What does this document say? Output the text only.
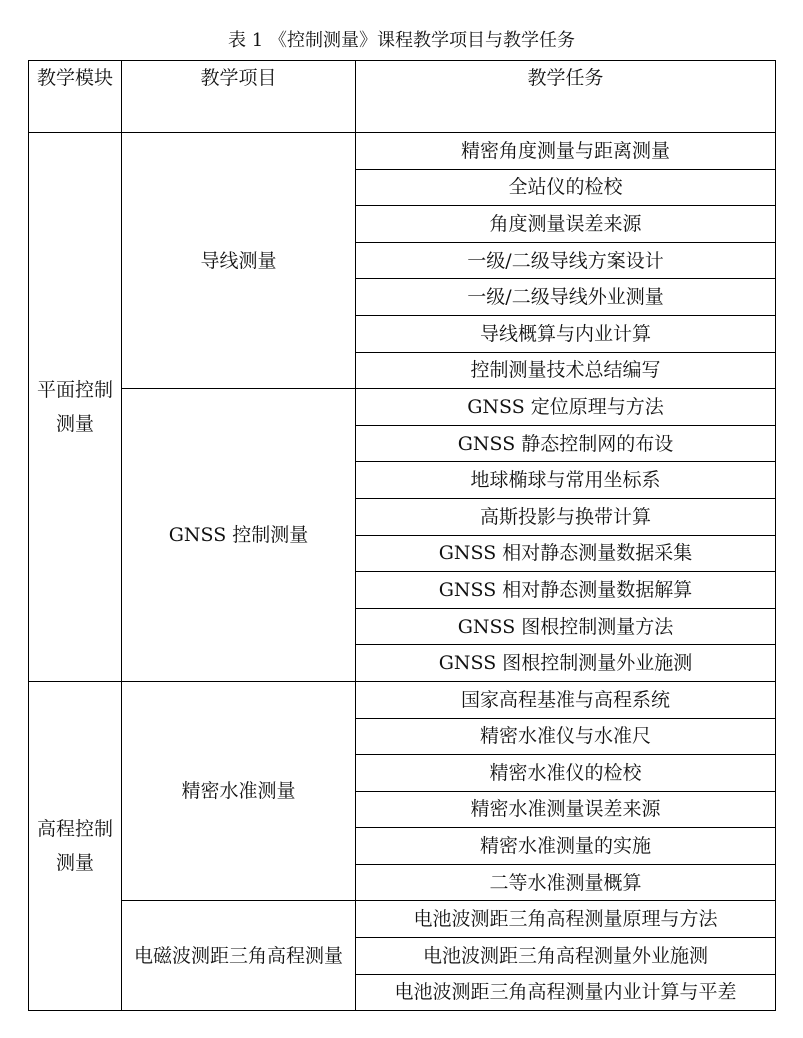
表 1 《控制测量》课程教学项目与教学任务
教学模块	教学项目	教学任务
平面控制测量	导线测量	精密角度测量与距离测量
		全站仪的检校
		角度测量误差来源
		一级/二级导线方案设计
		一级/二级导线外业测量
		导线概算与内业计算
		控制测量技术总结编写
	GNSS 控制测量	GNSS 定位原理与方法
		GNSS 静态控制网的布设
		地球椭球与常用坐标系
		高斯投影与换带计算
		GNSS 相对静态测量数据采集
		GNSS 相对静态测量数据解算
		GNSS 图根控制测量方法
		GNSS 图根控制测量外业施测
高程控制测量	精密水准测量	国家高程基准与高程系统
		精密水准仪与水准尺
		精密水准仪的检校
		精密水准测量误差来源
		精密水准测量的实施
		二等水准测量概算
	电磁波测距三角高程测量	电池波测距三角高程测量原理与方法
		电池波测距三角高程测量外业施测
		电池波测距三角高程测量内业计算与平差
